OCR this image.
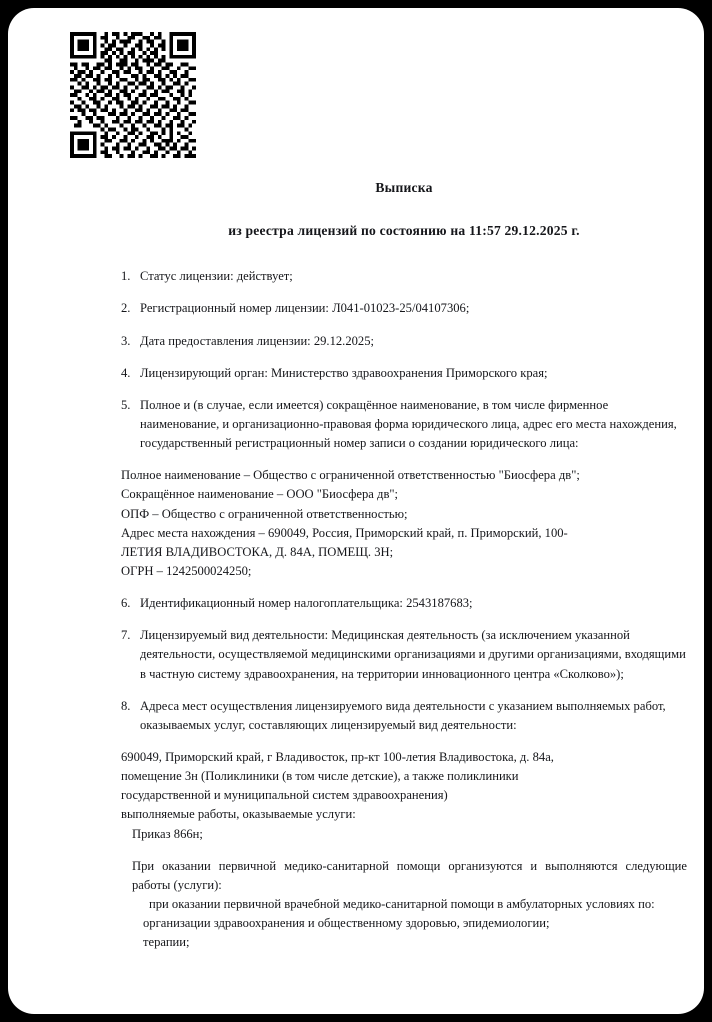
Выписка
из реестра лицензий по состоянию на 11:57 29.12.2025 г.
1. Статус лицензии: действует;
2. Регистрационный номер лицензии: Л041-01023-25/04107306;
3. Дата предоставления лицензии: 29.12.2025;
4. Лицензирующий орган: Министерство здравоохранения Приморского края;
5. Полное и (в случае, если имеется) сокращённое наименование, в том числе фирменное наименование, и организационно-правовая форма юридического лица, адрес его места нахождения, государственный регистрационный номер записи о создании юридического лица:
Полное наименование – Общество с ограниченной ответственностью "Биосфера дв";
Сокращённое наименование – ООО "Биосфера дв";
ОПФ – Общество с ограниченной ответственностью;
Адрес места нахождения – 690049, Россия, Приморский край, п. Приморский, 100-
ЛЕТИЯ ВЛАДИВОСТОКА, Д. 84А, ПОМЕЩ. 3Н;
ОГРН – 1242500024250;
6. Идентификационный номер налогоплательщика: 2543187683;
7. Лицензируемый вид деятельности: Медицинская деятельность (за исключением указанной деятельности, осуществляемой медицинскими организациями и другими организациями, входящими в частную систему здравоохранения, на территории инновационного центра «Сколково»);
8. Адреса мест осуществления лицензируемого вида деятельности с указанием выполняемых работ, оказываемых услуг, составляющих лицензируемый вид деятельности:
690049, Приморский край, г Владивосток, пр-кт 100-летия Владивостока, д. 84а,
помещение 3н (Поликлиники (в том числе детские), а также поликлиники
государственной и муниципальной систем здравоохранения)
выполняемые работы, оказываемые услуги:
Приказ 866н;
При оказании первичной медико-санитарной помощи организуются и выполняются следующие работы (услуги):
при оказании первичной врачебной медико-санитарной помощи в амбулаторных условиях по:
организации здравоохранения и общественному здоровью, эпидемиологии;
терапии;
